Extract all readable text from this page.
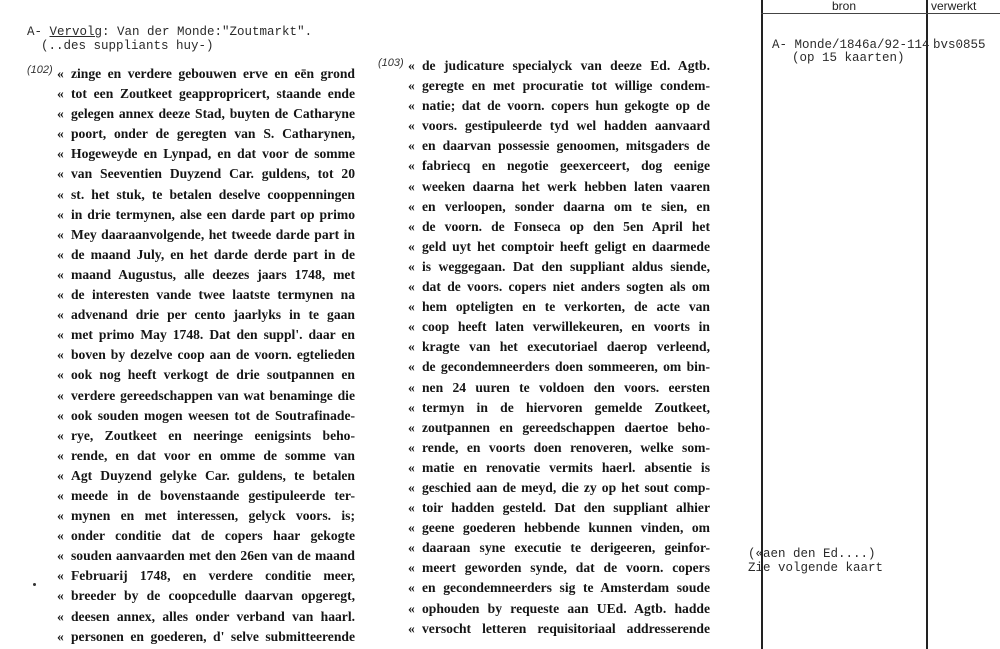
A- Vervolg: Van der Monde:"Zoutmarkt".
(..des suppliants huy-)
(102)
(103)
« zinge en verdere gebouwen erve en eēn grond
« tot een Zoutkeet geappropricert, staande ende
« gelegen annex deeze Stad, buyten de Catharyne
« poort, onder de geregten van S. Catharynen,
« Hogeweyde en Lynpad, en dat voor de somme
« van Seeventien Duyzend Car. guldens, tot 20
« st. het stuk, te betalen deselve cooppenningen
« in drie termynen, alse een darde part op primo
« Mey daaraanvolgende, het tweede darde part in
« de maand July, en het darde derde part in de
« maand Augustus, alle deezes jaars 1748, met
« de interesten vande twee laatste termynen na
« advenand drie per cento jaarlyks in te gaan
« met primo May 1748. Dat den suppl'. daar en
« boven by dezelve coop aan de voorn. egtelieden
« ook nog heeft verkogt de drie soutpannen en
« verdere gereedschappen van wat benaminge die
« ook souden mogen weesen tot de Soutrafinade-
« rye, Zoutkeet en neeringe eenigsints beho-
« rende, en dat voor en omme de somme van
« Agt Duyzend gelyke Car. guldens, te betalen
« meede in de bovenstaande gestipuleerde ter-
« mynen en met interessen, gelyck voors. is;
« onder conditie dat de copers haar gekogte
« souden aanvaarden met den 26en van de maand
« Februarij 1748, en verdere conditie meer,
« breeder by de coopcedulle daarvan opgeregt,
« deesen annex, alles onder verband van haarl.
« personen en goederen, d' selve submitteerende
« de judicature specialyck van deeze Ed. Agtb.
« geregte en met procuratie tot willige condem-
« natie; dat de voorn. copers hun gekogte op de
« voors. gestipuleerde tyd wel hadden aanvaard
« en daarvan possessie genoomen, mitsgaders de
« fabriecq en negotie geexerceert, dog eenige
« weeken daarna het werk hebben laten vaaren
« en verloopen, sonder daarna om te sien, en
« de voorn. de Fonseca op den 5en April het
« geld uyt het comptoir heeft geligt en daarmede
« is weggegaan. Dat den suppliant aldus siende,
« dat de voors. copers niet anders sogten als om
« hem opteligten en te verkorten, de acte van
« coop heeft laten verwillekeuren, en voorts in
« kragte van het executoriael daerop verleend,
« de gecondemneerders doen sommeeren, om bin-
« nen 24 uuren te voldoen den voors. eersten
« termyn in de hiervoren gemelde Zoutkeet,
« zoutpannen en gereedschappen daertoe beho-
« rende, en voorts doen renoveren, welke som-
« matie en renovatie vermits haerl. absentie is
« geschied aan de meyd, die zy op het sout comp-
« toir hadden gesteld. Dat den suppliant alhier
« geene goederen hebbende kunnen vinden, om
« daaraan syne executie te derigeeren, geinfor-
« meert geworden synde, dat de voorn. copers
« en gecondemneerders sig te Amsterdam soude
« ophouden by requeste aan UEd. Agtb. hadde
« versocht letteren requisitoriaal addresserende
bron	verwerkt
A- Monde/1846a/92-114
(op 15 kaarten)
bvs0855
(«aen den Ed....)
Zie volgende kaart
